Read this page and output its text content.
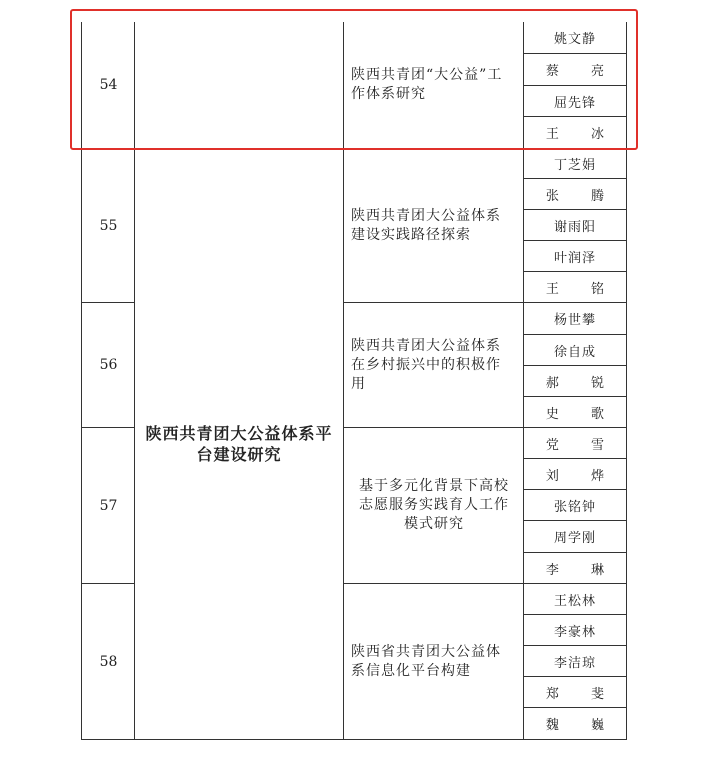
陕西共青团大公益体系平台建设研究
54
陕西共青团“大公益”工作体系研究
姚文静
蔡 亮
屈先锋
王 冰
55
陕西共青团大公益体系建设实践路径探索
丁芝娟
张 腾
谢雨阳
叶润泽
王 铭
56
陕西共青团大公益体系在乡村振兴中的积极作用
杨世攀
徐自成
郝 锐
史 歌
57
基于多元化背景下高校志愿服务实践育人工作模式研究
党 雪
刘 烨
张铭钟
周学刚
李 琳
58
陕西省共青团大公益体系信息化平台构建
王松林
李豪林
李洁琼
郑 斐
魏 巍
